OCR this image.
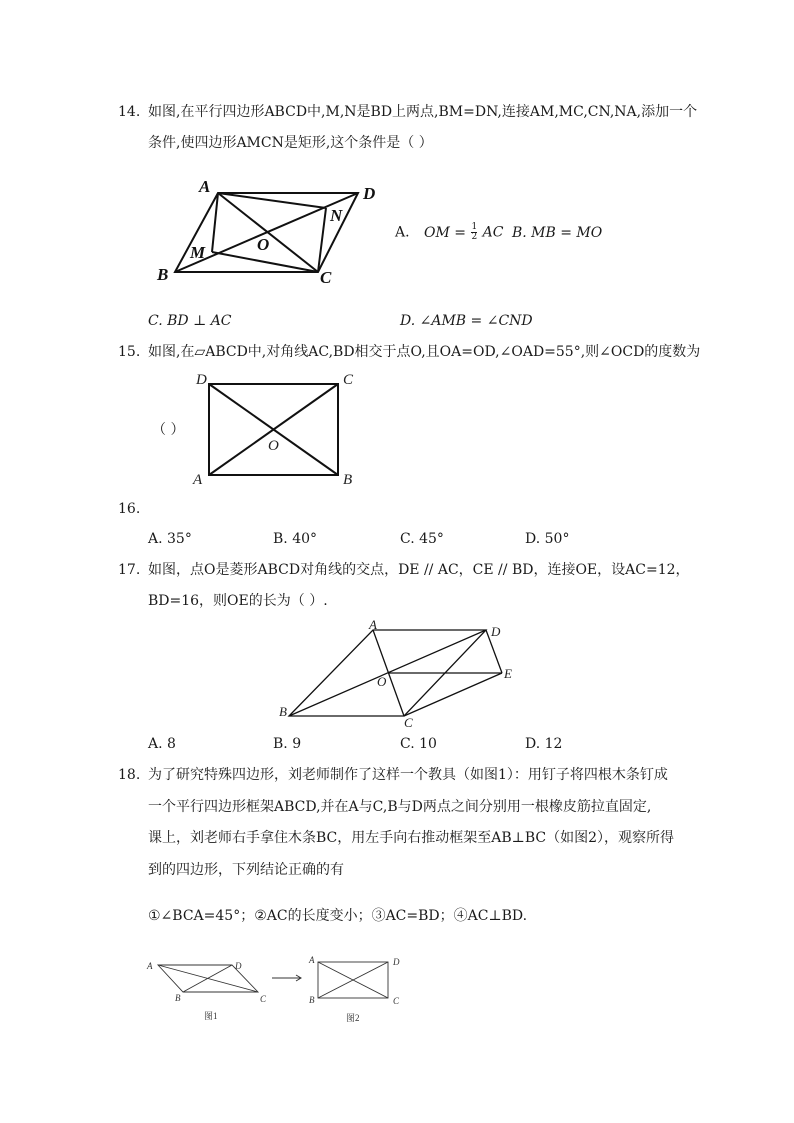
14. 如图,在平行四边形ABCD中,M,N是BD上两点,BM=DN,连接AM,MC,CN,NA,添加一个
条件,使四边形AMCN是矩形,这个条件是（ ）
A	D
B	C
M
N
O
A. OM = $\frac{1}{2}$ AC B. MB = MO
C. BD ⊥ AC	D. ∠AMB = ∠CND
15. 如图,在▱ABCD中,对角线AC,BD相交于点O,且OA=OD,∠OAD=55°,则∠OCD的度数为
（ ）
D	C
A	B
O
16.
A. 35°	B. 40°	C. 45°	D. 50°
17. 如图，点O是菱形ABCD对角线的交点，DE // AC，CE // BD，连接OE，设AC=12，
BD=16，则OE的长为（ ）.
A	D
E
O
B
C
A. 8	B. 9	C. 10	D. 12
18. 为了研究特殊四边形，刘老师制作了这样一个教具（如图1）：用钉子将四根木条钉成
一个平行四边形框架ABCD,并在A与C,B与D两点之间分别用一根橡皮筋拉直固定,
课上，刘老师右手拿住木条BC，用左手向右推动框架至AB⊥BC（如图2），观察所得
到的四边形，下列结论正确的有
①∠BCA=45°；②AC的长度变小；③AC=BD；④AC⊥BD.
A	D
B	C
A	D
B	C
图1	图2
